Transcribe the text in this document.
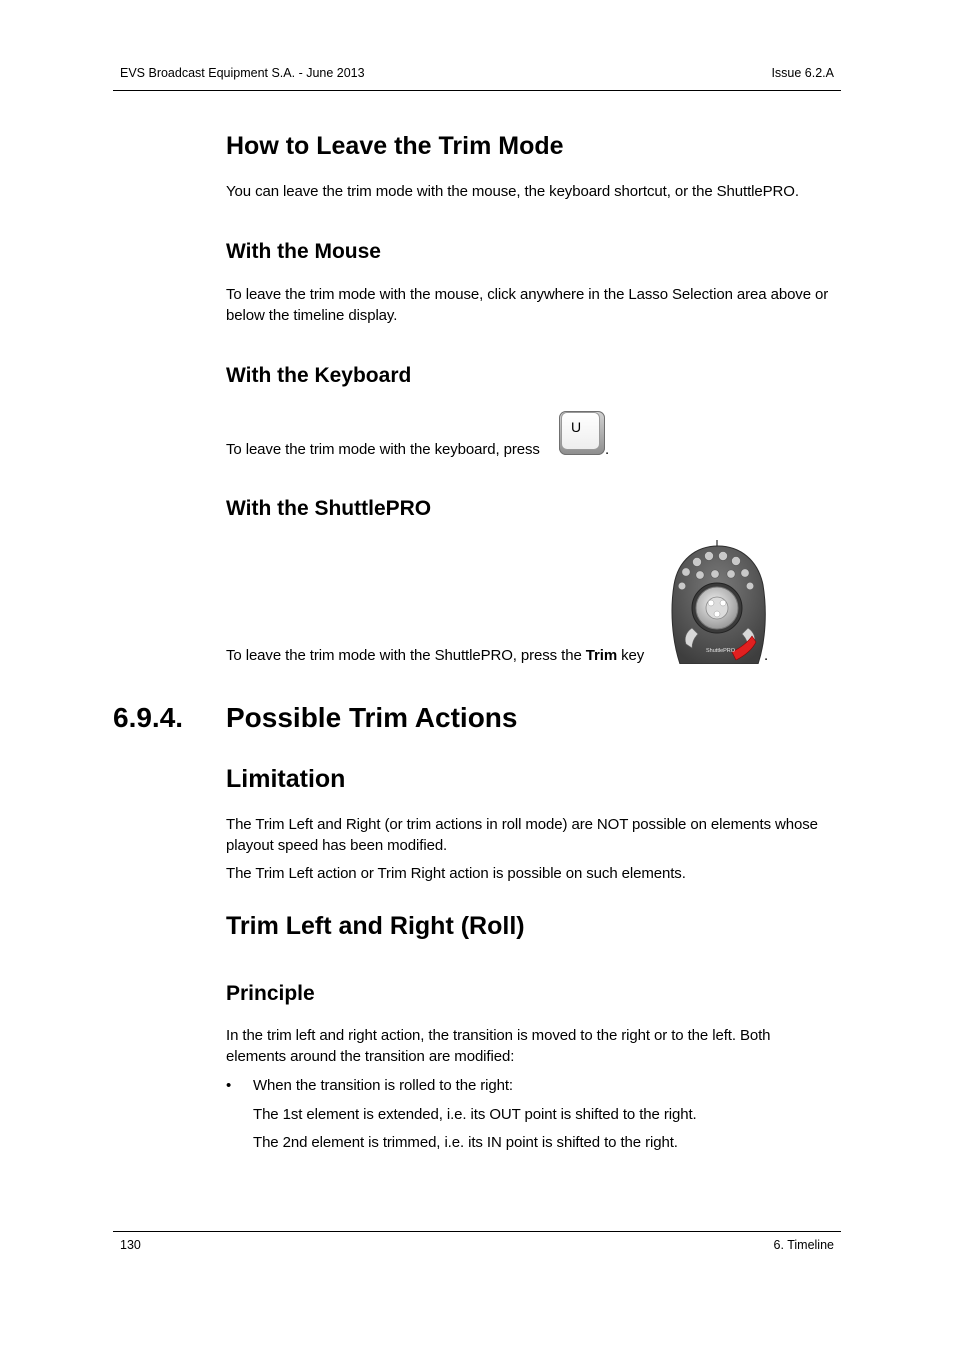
EVS Broadcast Equipment S.A. - June 2013	Issue 6.2.A
How to Leave the Trim Mode
You can leave the trim mode with the mouse, the keyboard shortcut, or the ShuttlePRO.
With the Mouse
To leave the trim mode with the mouse, click anywhere in the Lasso Selection area above or below the timeline display.
With the Keyboard
To leave the trim mode with the keyboard, press
U
.
With the ShuttlePRO
To leave the trim mode with the ShuttlePRO, press the Trim key	ShuttlePRO .
6.9.4. Possible Trim Actions
Limitation
The Trim Left and Right (or trim actions in roll mode) are NOT possible on elements whose playout speed has been modified.
The Trim Left action or Trim Right action is possible on such elements.
Trim Left and Right (Roll)
Principle
In the trim left and right action, the transition is moved to the right or to the left. Both elements around the transition are modified:
• When the transition is rolled to the right:
The 1st element is extended, i.e. its OUT point is shifted to the right.
The 2nd element is trimmed, i.e. its IN point is shifted to the right.
130	6. Timeline
